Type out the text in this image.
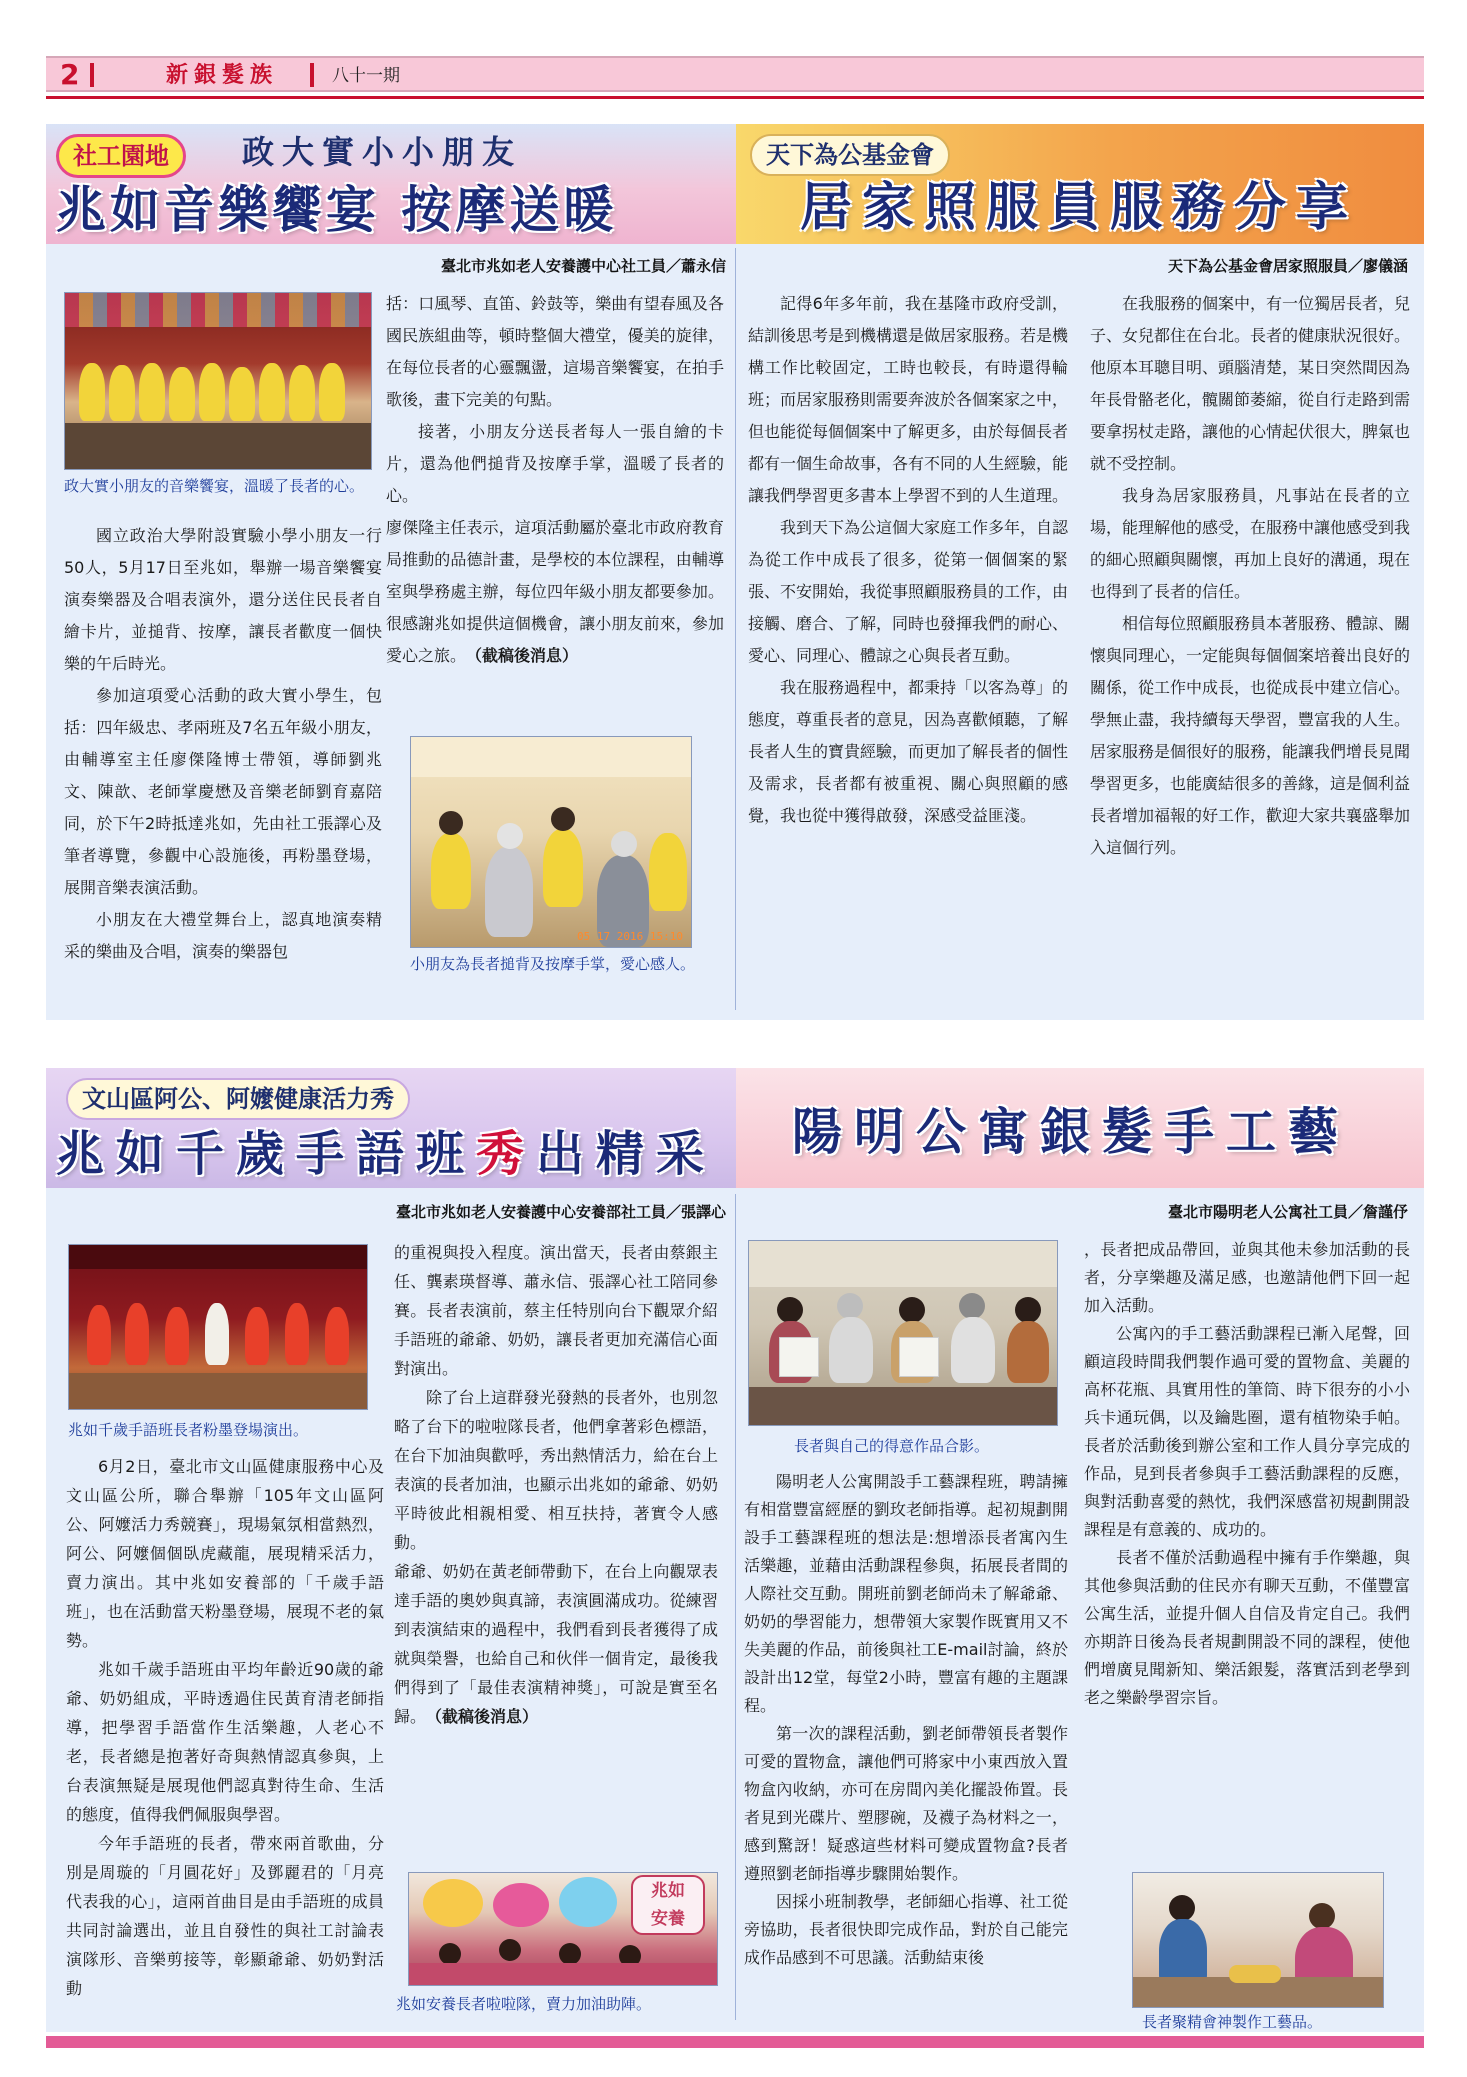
2	新銀髮族	八十一期
社工園地	政大實小小朋友
兆如音樂饗宴 按摩送暖
天下為公基金會
居家照服員服務分享
臺北市兆如老人安養護中心社工員／蕭永信	天下為公基金會居家照服員／廖儀涵
政大實小朋友的音樂饗宴，溫暖了長者的心。

國立政治大學附設實驗小學小朋友一行50人，5月17日至兆如，舉辦一場音樂饗宴演奏樂器及合唱表演外，還分送住民長者自繪卡片，並搥背、按摩，讓長者歡度一個快樂的午后時光。

參加這項愛心活動的政大實小學生，包括：四年級忠、孝兩班及7名五年級小朋友，由輔導室主任廖傑隆博士帶領，導師劉兆文、陳歆、老師掌慶懋及音樂老師劉育嘉陪同，於下午2時抵達兆如，先由社工張譯心及筆者導覽，參觀中心設施後，再粉墨登場，展開音樂表演活動。

小朋友在大禮堂舞台上，認真地演奏精采的樂曲及合唱，演奏的樂器包

括：口風琴、直笛、鈴鼓等，樂曲有望春風及各國民族組曲等，頓時整個大禮堂，優美的旋律，在每位長者的心靈飄盪，這場音樂饗宴，在拍手歌後，畫下完美的句點。

接著，小朋友分送長者每人一張自繪的卡片，還為他們搥背及按摩手掌，溫暖了長者的心。

廖傑隆主任表示，這項活動屬於臺北市政府教育局推動的品德計畫，是學校的本位課程，由輔導室與學務處主辦，每位四年級小朋友都要參加。很感謝兆如提供這個機會，讓小朋友前來，參加愛心之旅。

（截稿後消息）
05 17 2016 15:10
小朋友為長者搥背及按摩手掌，愛心感人。

記得6年多年前，我在基隆市政府受訓，結訓後思考是到機構還是做居家服務。若是機構工作比較固定，工時也較長，有時還得輪班；而居家服務則需要奔波於各個案家之中，但也能從每個個案中了解更多，由於每個長者都有一個生命故事，各有不同的人生經驗，能讓我們學習更多書本上學習不到的人生道理。

我到天下為公這個大家庭工作多年，自認為從工作中成長了很多，從第一個個案的緊張、不安開始，我從事照顧服務員的工作，由接觸、磨合、了解，同時也發揮我們的耐心、愛心、同理心、體諒之心與長者互動。

我在服務過程中，都秉持「以客為尊」的態度，尊重長者的意見，因為喜歡傾聽，了解長者人生的寶貴經驗，而更加了解長者的個性及需求，長者都有被重視、關心與照顧的感覺，我也從中獲得啟發，深感受益匪淺。

在我服務的個案中，有一位獨居長者，兒子、女兒都住在台北。長者的健康狀況很好。他原本耳聰目明、頭腦清楚，某日突然間因為年長骨骼老化，髖關節萎縮，從自行走路到需要拿拐杖走路，讓他的心情起伏很大，脾氣也就不受控制。

我身為居家服務員，凡事站在長者的立場，能理解他的感受，在服務中讓他感受到我的細心照顧與關懷，再加上良好的溝通，現在也得到了長者的信任。

相信每位照顧服務員本著服務、體諒、關懷與同理心，一定能與每個個案培養出良好的關係，從工作中成長，也從成長中建立信心。學無止盡，我持續每天學習，豐富我的人生。居家服務是個很好的服務，能讓我們增長見聞學習更多，也能廣結很多的善緣，這是個利益長者增加福報的好工作，歡迎大家共襄盛舉加入這個行列。

文山區阿公、阿嬤健康活力秀
兆如千歲手語班秀出精采 陽明公寓銀髮手工藝
臺北市兆如老人安養護中心安養部社工員／張譯心	臺北市陽明老人公寓社工員／詹謹伃
兆如千歲手語班長者粉墨登場演出。

6月2日，臺北市文山區健康服務中心及文山區公所，聯合舉辦「105年文山區阿公、阿嬤活力秀競賽」，現場氣氛相當熱烈，阿公、阿嬤個個臥虎藏龍，展現精采活力，賣力演出。其中兆如安養部的「千歲手語班」，也在活動當天粉墨登場，展現不老的氣勢。

兆如千歲手語班由平均年齡近90歲的爺爺、奶奶組成，平時透過住民黃育清老師指導，把學習手語當作生活樂趣，人老心不老，長者總是抱著好奇與熱情認真參與，上台表演無疑是展現他們認真對待生命、生活的態度，值得我們佩服與學習。

今年手語班的長者，帶來兩首歌曲，分別是周璇的「月圓花好」及鄧麗君的「月亮代表我的心」，這兩首曲目是由手語班的成員共同討論選出，並且自發性的與社工討論表演隊形、音樂剪接等，彰顯爺爺、奶奶對活動

的重視與投入程度。演出當天，長者由蔡銀主任、龔素瑛督導、蕭永信、張譯心社工陪同參賽。長者表演前，蔡主任特別向台下觀眾介紹手語班的爺爺、奶奶，讓長者更加充滿信心面對演出。

除了台上這群發光發熱的長者外，也別忽略了台下的啦啦隊長者，他們拿著彩色標語，在台下加油與歡呼，秀出熱情活力，給在台上表演的長者加油，也顯示出兆如的爺爺、奶奶平時彼此相親相愛、相互扶持，著實令人感動。

爺爺、奶奶在黃老師帶動下，在台上向觀眾表達手語的奧妙與真諦，表演圓滿成功。從練習到表演結束的過程中，我們看到長者獲得了成就與榮譽，也給自己和伙伴一個肯定，最後我們得到了「最佳表演精神獎」，可說是實至名歸。

（截稿後消息）
兆如
安養
兆如安養長者啦啦隊，賣力加油助陣。
長者與自己的得意作品合影。

陽明老人公寓開設手工藝課程班，聘請擁有相當豐富經歷的劉玫老師指導。起初規劃開設手工藝課程班的想法是:想增添長者寓內生活樂趣，並藉由活動課程參與，拓展長者間的人際社交互動。開班前劉老師尚未了解爺爺、奶奶的學習能力，想帶領大家製作既實用又不失美麗的作品，前後與社工E-mail討論，終於設計出12堂，每堂2小時，豐富有趣的主題課程。

第一次的課程活動，劉老師帶領長者製作可愛的置物盒，讓他們可將家中小東西放入置物盒內收納，亦可在房間內美化擺設佈置。長者見到光碟片、塑膠碗，及襪子為材料之一，感到驚訝！疑惑這些材料可變成置物盒?長者遵照劉老師指導步驟開始製作。

因採小班制教學，老師細心指導、社工從旁協助，長者很快即完成作品，對於自己能完成作品感到不可思議。活動結束後

，長者把成品帶回，並與其他未參加活動的長者，分享樂趣及滿足感，也邀請他們下回一起加入活動。

公寓內的手工藝活動課程已漸入尾聲，回顧這段時間我們製作過可愛的置物盒、美麗的高杯花瓶、具實用性的筆筒、時下很夯的小小兵卡通玩偶，以及鑰匙圈，還有植物染手帕。長者於活動後到辦公室和工作人員分享完成的作品，見到長者參與手工藝活動課程的反應，與對活動喜愛的熱忱，我們深感當初規劃開設課程是有意義的、成功的。

長者不僅於活動過程中擁有手作樂趣，與其他參與活動的住民亦有聊天互動，不僅豐富公寓生活，並提升個人自信及肯定自己。我們亦期許日後為長者規劃開設不同的課程，使他們增廣見聞新知、樂活銀髮，落實活到老學到老之樂齡學習宗旨。

長者聚精會神製作工藝品。
